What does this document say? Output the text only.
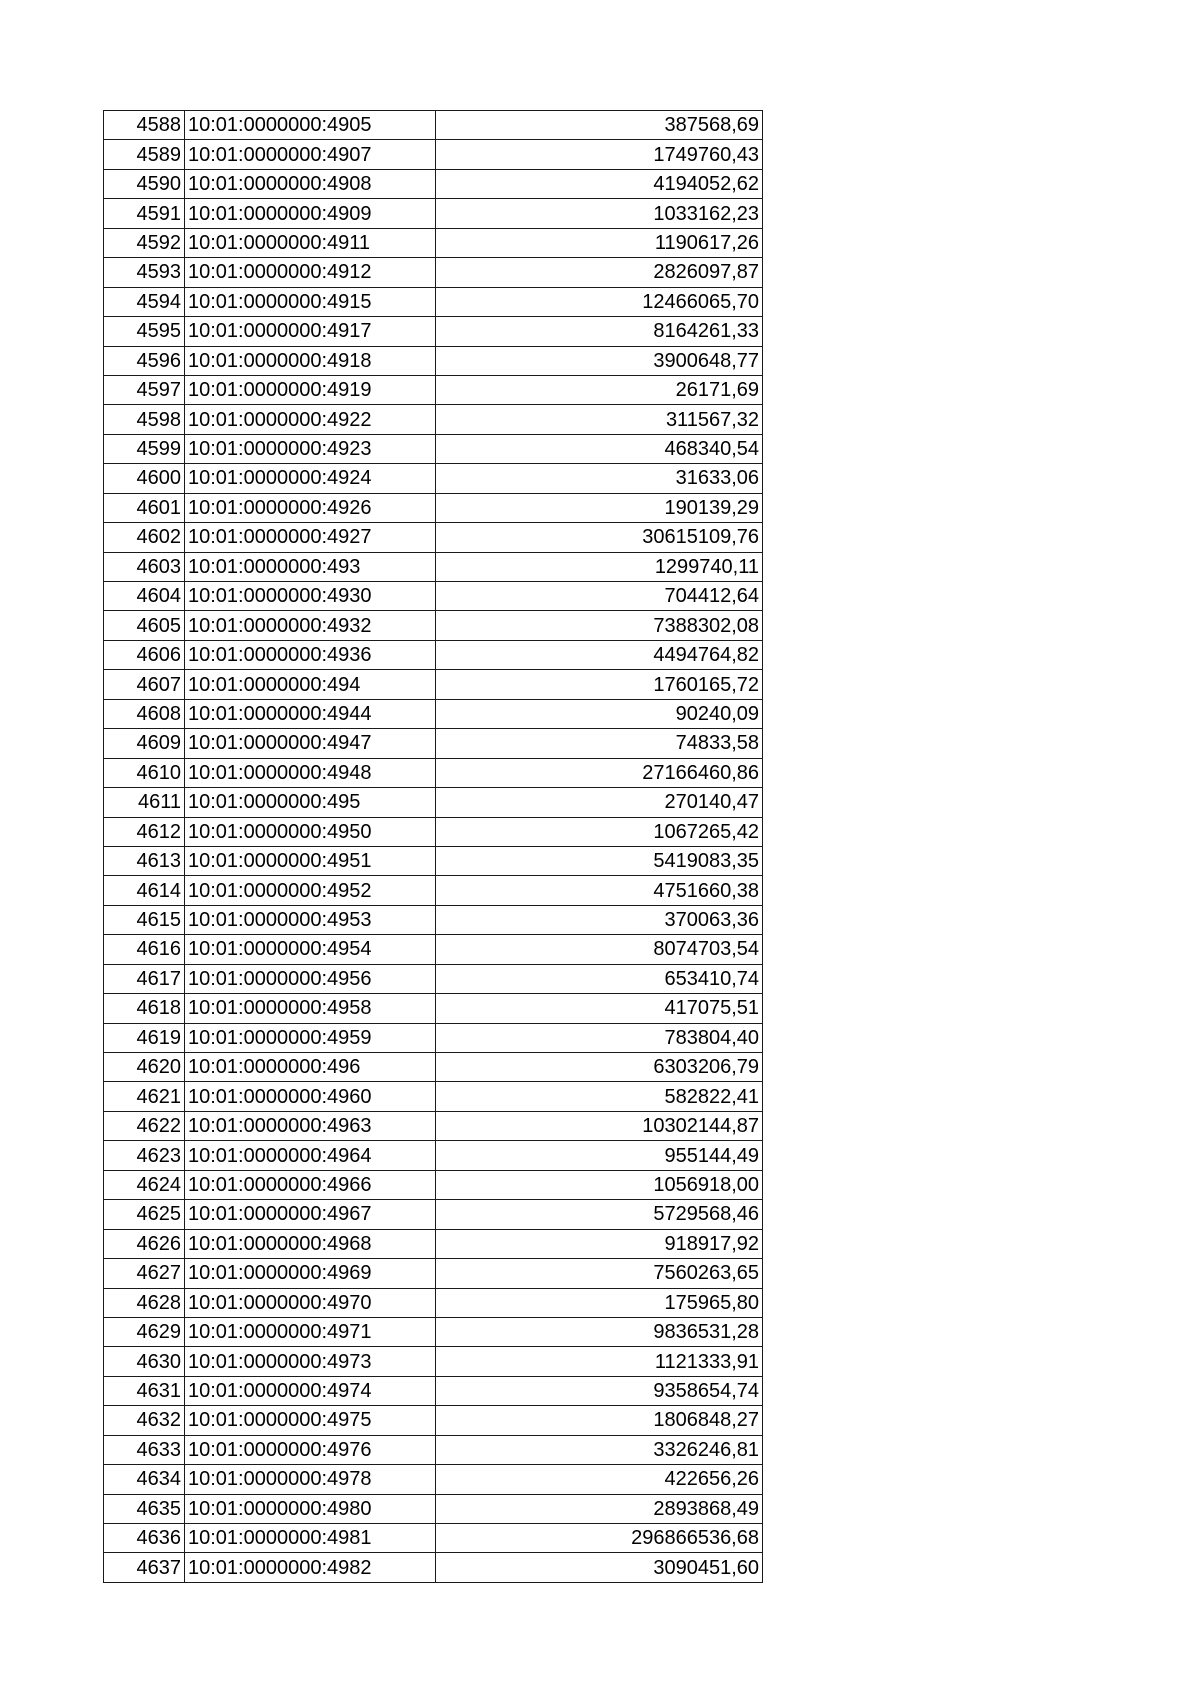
4588	10:01:0000000:4905	387568,69
4589	10:01:0000000:4907	1749760,43
4590	10:01:0000000:4908	4194052,62
4591	10:01:0000000:4909	1033162,23
4592	10:01:0000000:4911	1190617,26
4593	10:01:0000000:4912	2826097,87
4594	10:01:0000000:4915	12466065,70
4595	10:01:0000000:4917	8164261,33
4596	10:01:0000000:4918	3900648,77
4597	10:01:0000000:4919	26171,69
4598	10:01:0000000:4922	311567,32
4599	10:01:0000000:4923	468340,54
4600	10:01:0000000:4924	31633,06
4601	10:01:0000000:4926	190139,29
4602	10:01:0000000:4927	30615109,76
4603	10:01:0000000:493	1299740,11
4604	10:01:0000000:4930	704412,64
4605	10:01:0000000:4932	7388302,08
4606	10:01:0000000:4936	4494764,82
4607	10:01:0000000:494	1760165,72
4608	10:01:0000000:4944	90240,09
4609	10:01:0000000:4947	74833,58
4610	10:01:0000000:4948	27166460,86
4611	10:01:0000000:495	270140,47
4612	10:01:0000000:4950	1067265,42
4613	10:01:0000000:4951	5419083,35
4614	10:01:0000000:4952	4751660,38
4615	10:01:0000000:4953	370063,36
4616	10:01:0000000:4954	8074703,54
4617	10:01:0000000:4956	653410,74
4618	10:01:0000000:4958	417075,51
4619	10:01:0000000:4959	783804,40
4620	10:01:0000000:496	6303206,79
4621	10:01:0000000:4960	582822,41
4622	10:01:0000000:4963	10302144,87
4623	10:01:0000000:4964	955144,49
4624	10:01:0000000:4966	1056918,00
4625	10:01:0000000:4967	5729568,46
4626	10:01:0000000:4968	918917,92
4627	10:01:0000000:4969	7560263,65
4628	10:01:0000000:4970	175965,80
4629	10:01:0000000:4971	9836531,28
4630	10:01:0000000:4973	1121333,91
4631	10:01:0000000:4974	9358654,74
4632	10:01:0000000:4975	1806848,27
4633	10:01:0000000:4976	3326246,81
4634	10:01:0000000:4978	422656,26
4635	10:01:0000000:4980	2893868,49
4636	10:01:0000000:4981	296866536,68
4637	10:01:0000000:4982	3090451,60
